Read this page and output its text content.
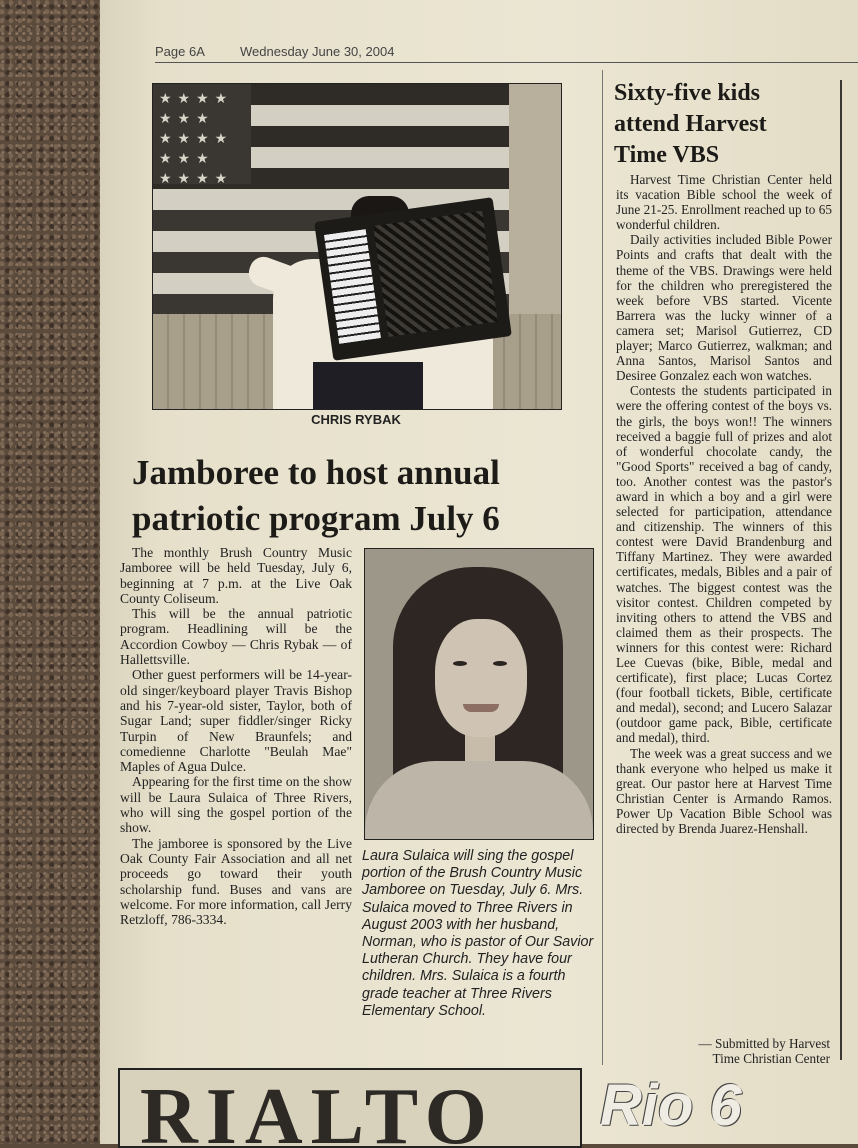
Page 6A	Wednesday June 30, 2004
★★★★ ★★★ ★★★★ ★★★ ★★★★
CHRIS RYBAK
Jamboree to host annual patriotic program July 6

The monthly Brush Country Music Jamboree will be held Tuesday, July 6, beginning at 7 p.m. at the Live Oak County Coliseum.

This will be the annual patriotic program. Headlining will be the Accordion Cowboy — Chris Rybak — of Hallettsville.

Other guest performers will be 14-year-old singer/keyboard player Travis Bishop and his 7-year-old sister, Taylor, both of Sugar Land; super fiddler/singer Ricky Turpin of New Braunfels; and comedienne Charlotte "Beulah Mae" Maples of Agua Dulce.

Appearing for the first time on the show will be Laura Sulaica of Three Rivers, who will sing the gospel portion of the show.

The jamboree is sponsored by the Live Oak County Fair Association and all net proceeds go toward their youth scholarship fund. Buses and vans are welcome. For more information, call Jerry Retzloff, 786-3334.

Laura Sulaica will sing the gospel portion of the Brush Country Music Jamboree on Tuesday, July 6. Mrs. Sulaica moved to Three Rivers in August 2003 with her husband, Norman, who is pastor of Our Savior Lutheran Church. They have four children. Mrs. Sulaica is a fourth grade teacher at Three Rivers Elementary School.

Sixty-five kids attend Harvest Time VBS

Harvest Time Christian Center held its vacation Bible school the week of June 21-25. Enrollment reached up to 65 wonderful children.

Daily activities included Bible Power Points and crafts that dealt with the theme of the VBS. Drawings were held for the children who preregistered the week before VBS started. Vicente Barrera was the lucky winner of a camera set; Marisol Gutierrez, CD player; Marco Gutierrez, walkman; and Anna Santos, Marisol Santos and Desiree Gonzalez each won watches.

Contests the students participated in were the offering contest of the boys vs. the girls, the boys won!! The winners received a baggie full of prizes and alot of wonderful chocolate candy, the "Good Sports" received a bag of candy, too. Another contest was the pastor's award in which a boy and a girl were selected for participation, attendance and citizenship. The winners of this contest were David Brandenburg and Tiffany Martinez. They were awarded certificates, medals, Bibles and a pair of watches. The biggest contest was the visitor contest. Children competed by inviting others to attend the VBS and claimed them as their prospects. The winners for this contest were: Richard Lee Cuevas (bike, Bible, medal and certificate), first place; Lucas Cortez (four football tickets, Bible, certificate and medal), second; and Lucero Salazar (outdoor game pack, Bible, certificate and medal), third.

The week was a great success and we thank everyone who helped us make it great. Our pastor here at Harvest Time Christian Center is Armando Ramos. Power Up Vacation Bible School was directed by Brenda Juarez-Henshall.

— Submitted by Harvest
Time Christian Center
RIALTO Rio 6
